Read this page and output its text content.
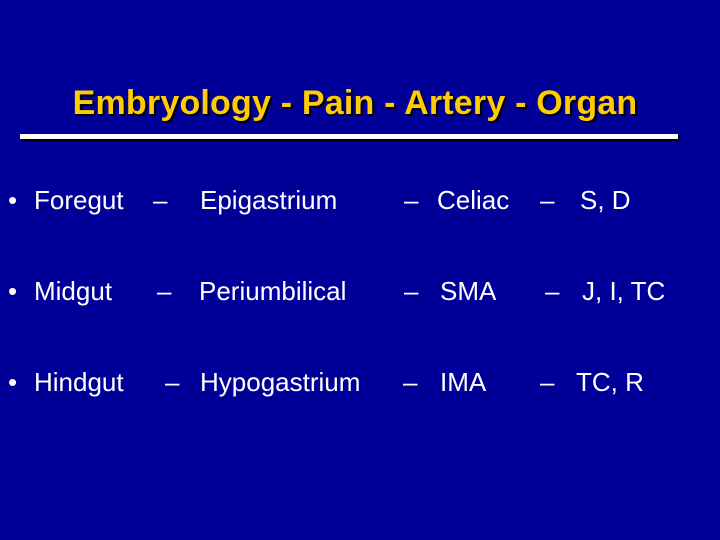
Embryology - Pain - Artery - Organ
• Foregut – Epigastrium	– Celiac – S, D
• Midgut – Periumbilical – SMA – J, I, TC
• Hindgut – Hypogastrium – IMA – TC, R
